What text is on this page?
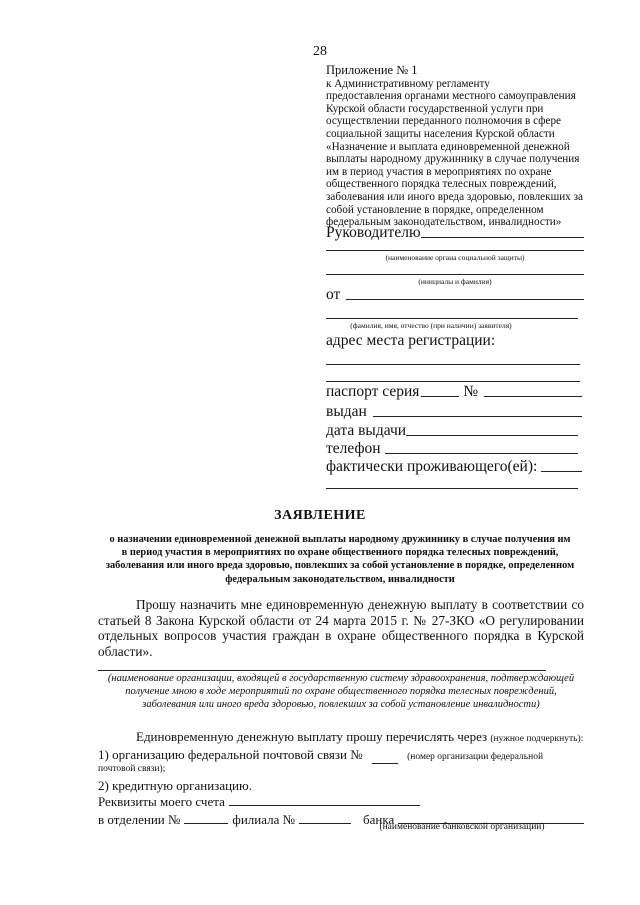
28
Приложение № 1
к Административному регламенту
предоставления органами местного самоуправления
Курской области государственной услуги при
осуществлении переданного полномочия в сфере
социальной защиты населения Курской области
«Назначение и выплата единовременной денежной
выплаты народному дружиннику в случае получения
им в период участия в мероприятиях по охране
общественного порядка телесных повреждений,
заболевания или иного вреда здоровью, повлекших за
собой установление в порядке, определенном
федеральным законодательством, инвалидности»
Руководителю
(наименование органа социальной защиты)
(инициалы и фамилия)
от
(фамилия, имя, отчество (при наличии) заявителя)
адрес места регистрации:
паспорт серия	№
выдан
дата выдачи
телефон
фактически проживающего(ей):
ЗАЯВЛЕНИЕ
о назначении единовременной денежной выплаты народному дружиннику в случае получения им
в период участия в мероприятиях по охране общественного порядка телесных повреждений,
заболевания или иного вреда здоровью, повлекших за собой установление в порядке, определенном
федеральным законодательством, инвалидности
Прошу назначить мне единовременную денежную выплату в соответствии со статьей 8 Закона Курской области от 24 марта 2015 г. № 27-ЗКО «О регулировании отдельных вопросов участия граждан в охране общественного порядка в Курской области».
(наименование организации, входящей в государственную систему здравоохранения, подтверждающей получение мною в ходе мероприятий по охране общественного порядка телесных повреждений, заболевания или иного вреда здоровью, повлекших за собой установление инвалидности)
Единовременную денежную выплату прошу перечислять через (нужное подчеркнуть):
1) организацию федеральной почтовой связи №	(номер организации федеральной
почтовой связи);
2) кредитную организацию.
Реквизиты моего счета
в отделении №	филиала №	банка
(наименование банковской организации)
